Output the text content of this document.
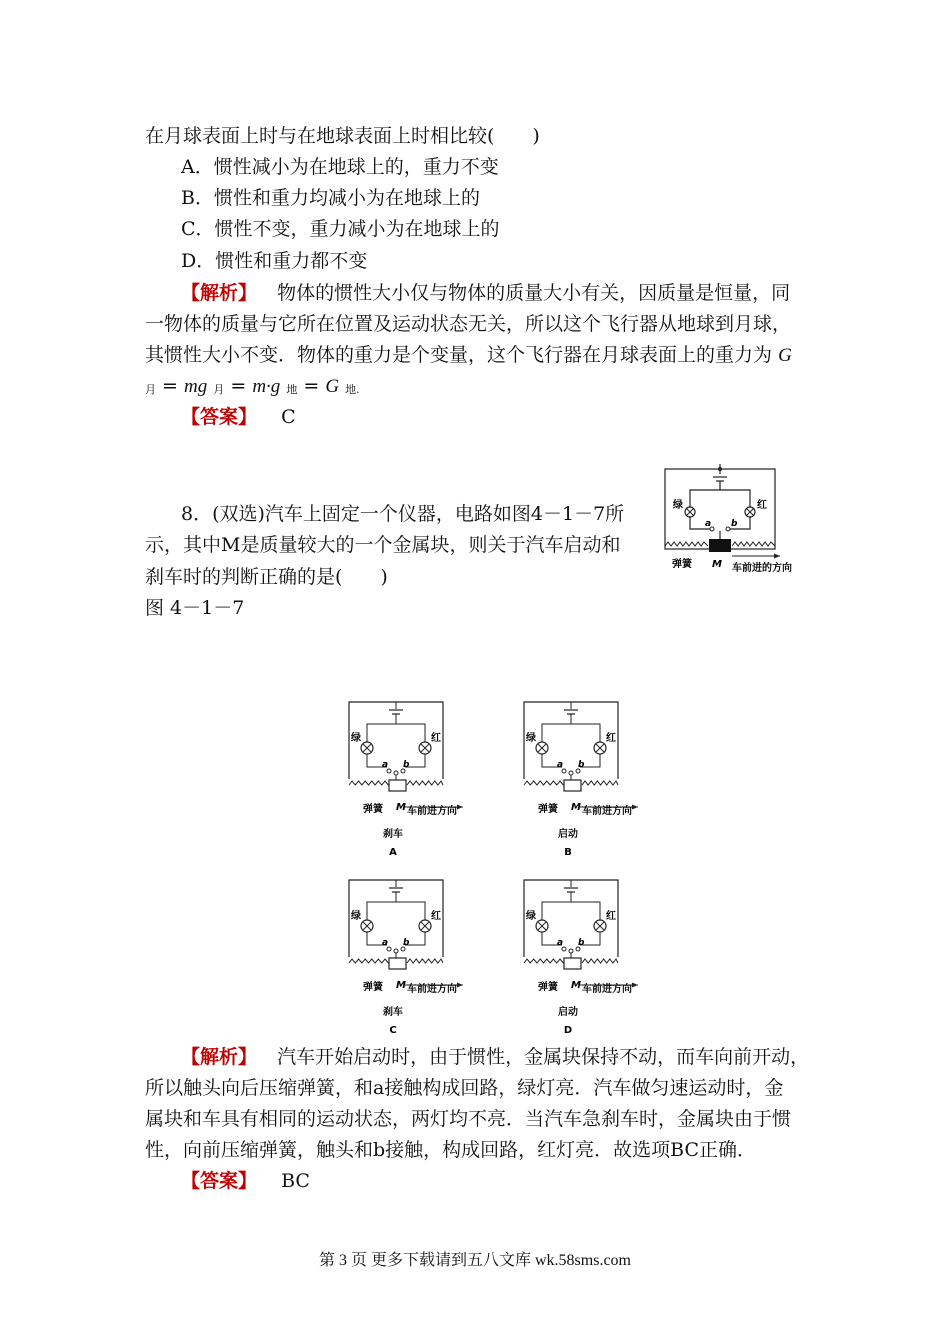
在月球表面上时与在地球表面上时相比较(　　)
A．惯性减小为在地球上的，重力不变
B．惯性和重力均减小为在地球上的
C．惯性不变，重力减小为在地球上的
D．惯性和重力都不变
【解析】 物体的惯性大小仅与物体的质量大小有关，因质量是恒量，同
一物体的质量与它所在位置及运动状态无关，所以这个飞行器从地球到月球，
其惯性大小不变．物体的重力是个变量，这个飞行器在月球表面上的重力为 G
月 = mg 月 = m·g 地 = G 地.
【答案】 C
8．(双选)汽车上固定一个仪器，电路如图4－1－7所
示，其中M是质量较大的一个金属块，则关于汽车启动和
刹车时的判断正确的是(　　)
图 4－1－7
绿	红
a b
弹簧 M 车前进的方向
绿	红
a b
弹簧 M 车前进方向
刹车
A
绿	红
a b
弹簧 M 车前进方向
启动
B
绿	红
a b
弹簧 M 车前进方向
刹车
C
绿	红
a b
弹簧 M 车前进方向
启动
D
【解析】 汽车开始启动时，由于惯性，金属块保持不动，而车向前开动，
所以触头向后压缩弹簧，和a接触构成回路，绿灯亮．汽车做匀速运动时，金
属块和车具有相同的运动状态，两灯均不亮．当汽车急刹车时，金属块由于惯
性，向前压缩弹簧，触头和b接触，构成回路，红灯亮．故选项BC正确．
【答案】 BC
第 3 页 更多下载请到五八文库 wk.58sms.com
